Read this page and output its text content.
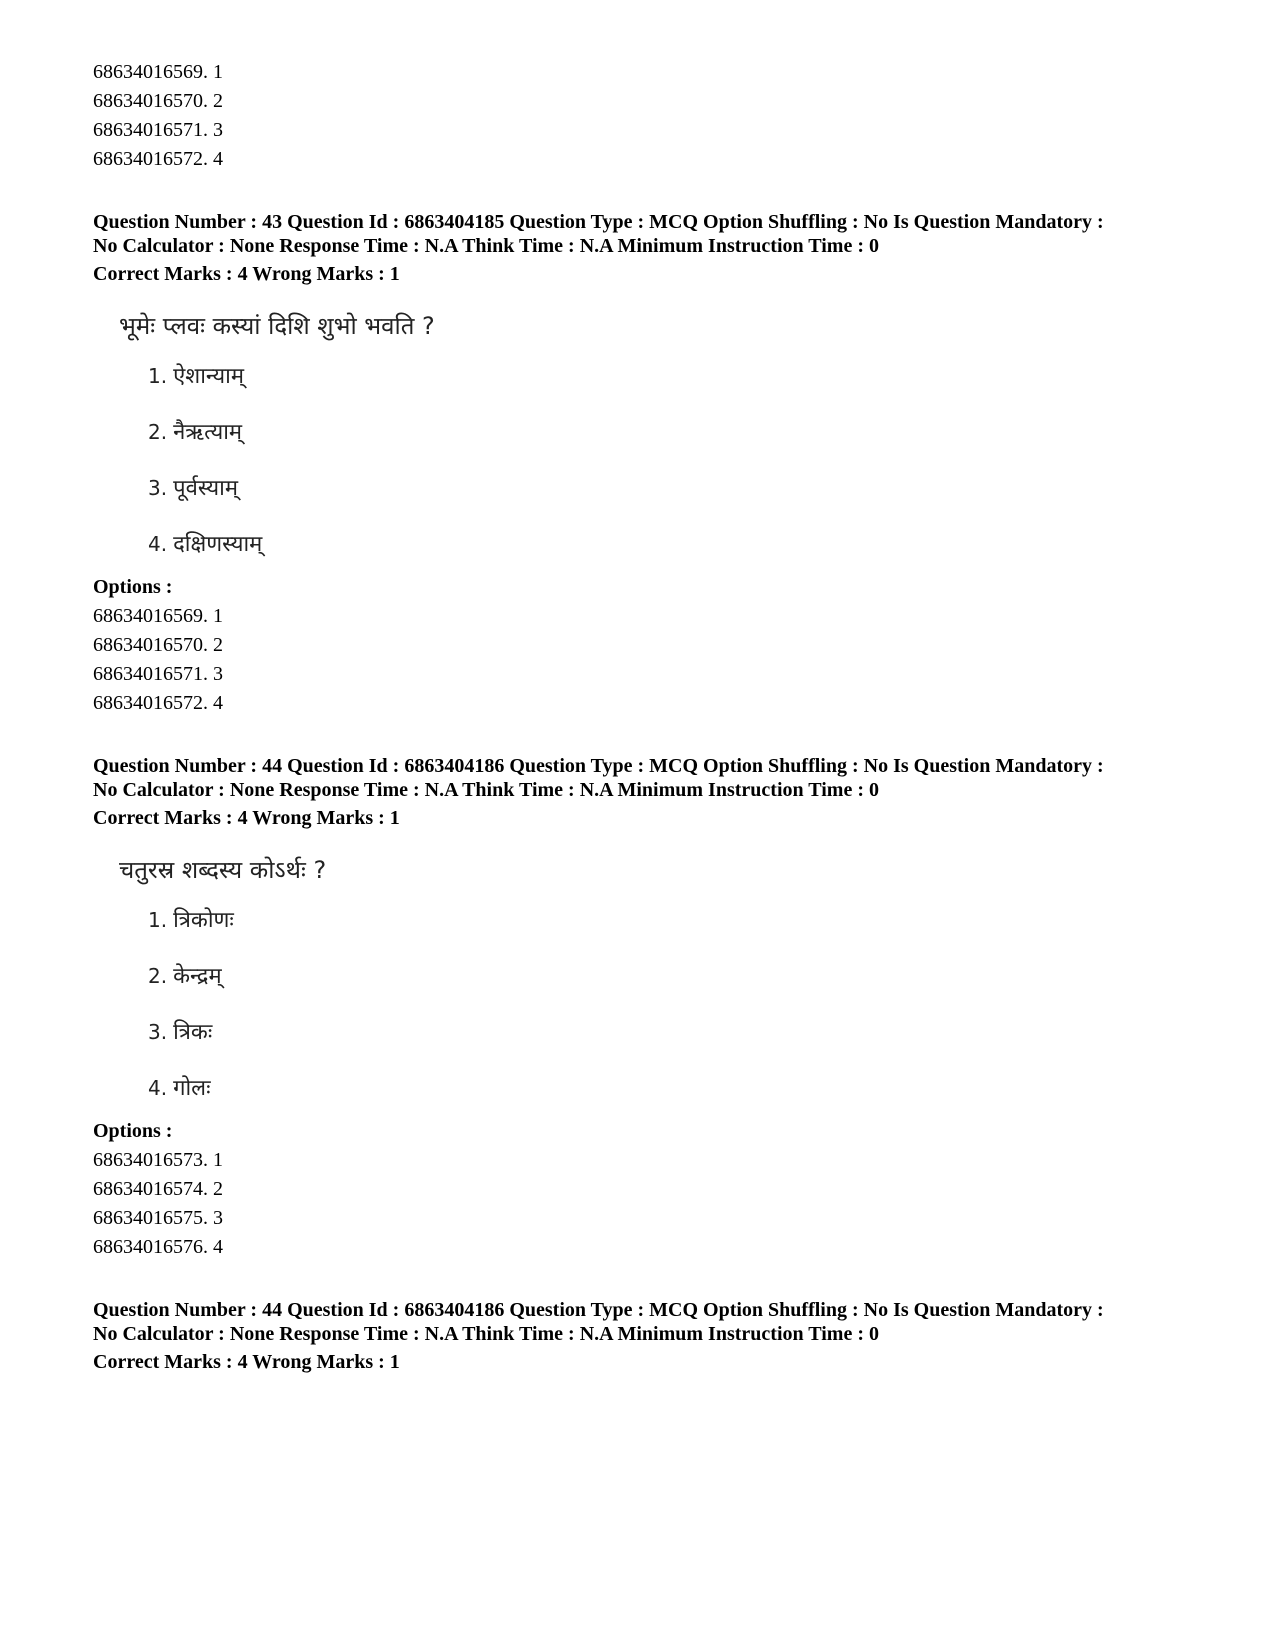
68634016569. 1
68634016570. 2
68634016571. 3
68634016572. 4
Question Number : 43 Question Id : 6863404185 Question Type : MCQ Option Shuffling : No Is Question Mandatory :
No Calculator : None Response Time : N.A Think Time : N.A Minimum Instruction Time : 0
Correct Marks : 4 Wrong Marks : 1
भूमेः प्लवः कस्यां दिशि शुभो भवति ?
1. ऐशान्याम्
2. नैऋत्याम्
3. पूर्वस्याम्
4. दक्षिणस्याम्
Options :
68634016569. 1
68634016570. 2
68634016571. 3
68634016572. 4
Question Number : 44 Question Id : 6863404186 Question Type : MCQ Option Shuffling : No Is Question Mandatory :
No Calculator : None Response Time : N.A Think Time : N.A Minimum Instruction Time : 0
Correct Marks : 4 Wrong Marks : 1
चतुरस्र शब्दस्य कोऽर्थः ?
1. त्रिकोणः
2. केन्द्रम्
3. त्रिकः
4. गोलः
Options :
68634016573. 1
68634016574. 2
68634016575. 3
68634016576. 4
Question Number : 44 Question Id : 6863404186 Question Type : MCQ Option Shuffling : No Is Question Mandatory :
No Calculator : None Response Time : N.A Think Time : N.A Minimum Instruction Time : 0
Correct Marks : 4 Wrong Marks : 1
